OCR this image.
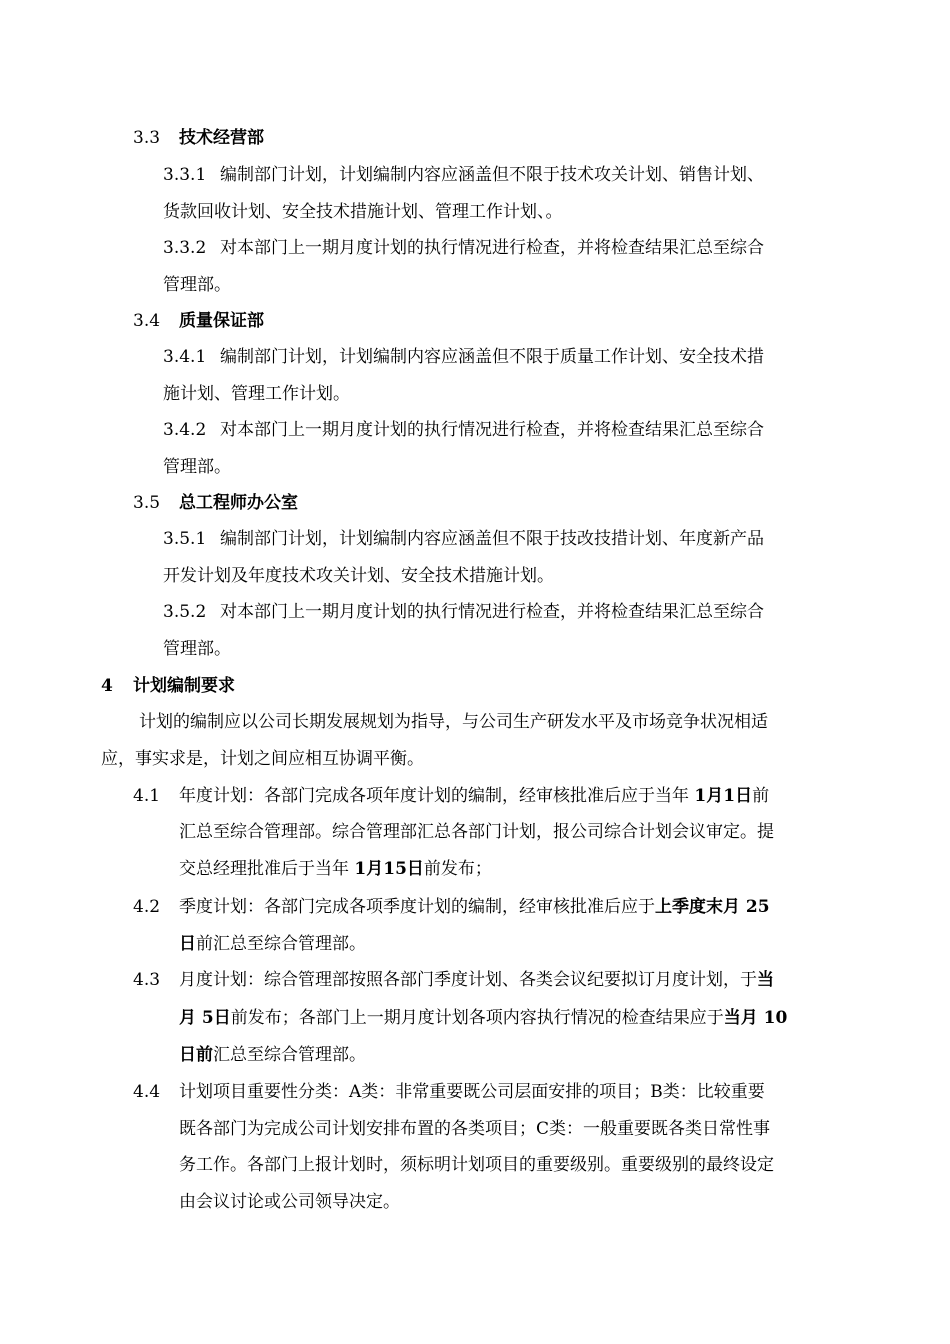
3.3 技术经营部
3.3.1 编制部门计划，计划编制内容应涵盖但不限于技术攻关计划、销售计划、
货款回收计划、安全技术措施计划、管理工作计划、。
3.3.2 对本部门上一期月度计划的执行情况进行检查，并将检查结果汇总至综合
管理部。
3.4 质量保证部
3.4.1 编制部门计划，计划编制内容应涵盖但不限于质量工作计划、安全技术措
施计划、管理工作计划。
3.4.2 对本部门上一期月度计划的执行情况进行检查，并将检查结果汇总至综合
管理部。
3.5 总工程师办公室
3.5.1 编制部门计划，计划编制内容应涵盖但不限于技改技措计划、年度新产品
开发计划及年度技术攻关计划、安全技术措施计划。
3.5.2 对本部门上一期月度计划的执行情况进行检查，并将检查结果汇总至综合
管理部。
4 计划编制要求
计划的编制应以公司长期发展规划为指导，与公司生产研发水平及市场竞争状况相适
应，事实求是，计划之间应相互协调平衡。
4.1 年度计划：各部门完成各项年度计划的编制，经审核批准后应于当年 1月1日前
汇总至综合管理部。综合管理部汇总各部门计划，报公司综合计划会议审定。提
交总经理批准后于当年 1月15日前发布；
4.2 季度计划：各部门完成各项季度计划的编制，经审核批准后应于上季度末月 25
日前汇总至综合管理部。
4.3 月度计划：综合管理部按照各部门季度计划、各类会议纪要拟订月度计划，于当
月 5日前发布；各部门上一期月度计划各项内容执行情况的检查结果应于当月 10
日前汇总至综合管理部。
4.4 计划项目重要性分类：A类：非常重要既公司层面安排的项目；B类：比较重要
既各部门为完成公司计划安排布置的各类项目；C类：一般重要既各类日常性事
务工作。各部门上报计划时，须标明计划项目的重要级别。重要级别的最终设定
由会议讨论或公司领导决定。
